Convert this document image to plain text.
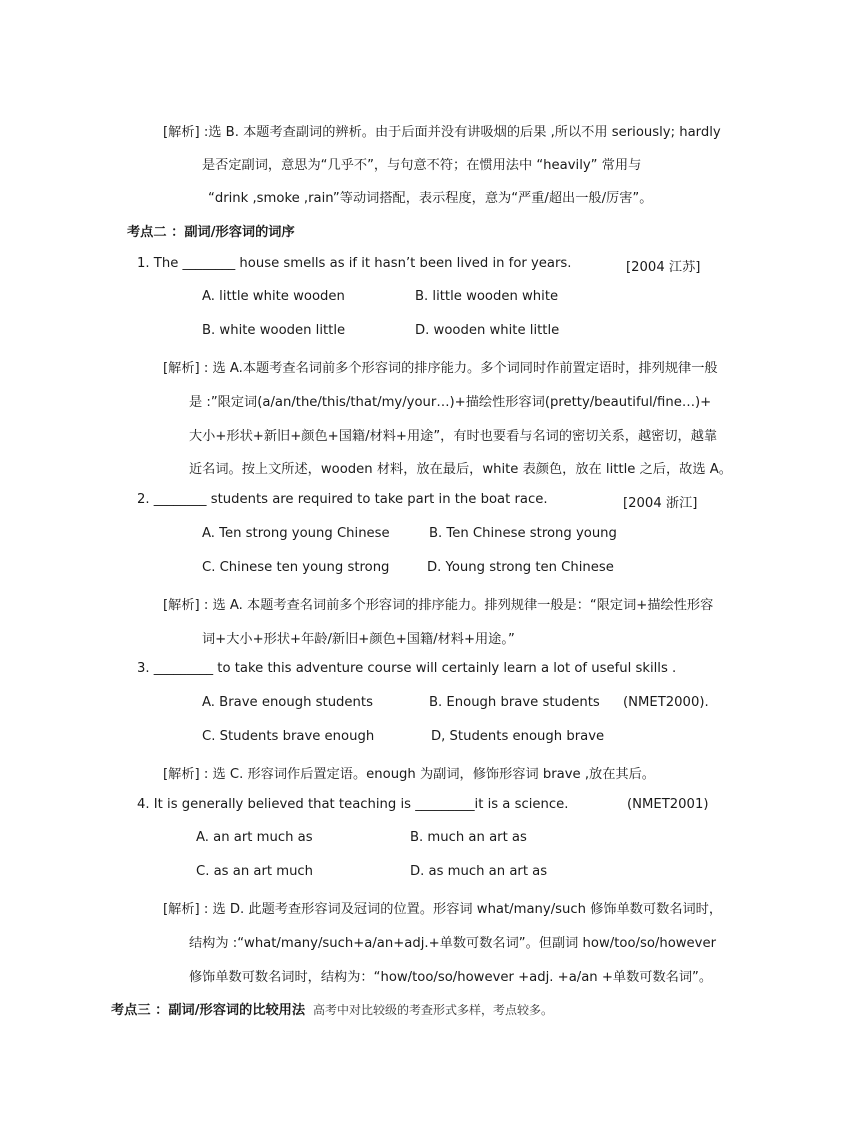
[解析] :选 B. 本题考查副词的辨析。由于后面并没有讲吸烟的后果 ,所以不用 seriously; hardly
是否定副词，意思为“几乎不”，与句意不符；在惯用法中 “heavily” 常用与
“drink ,smoke ,rain”等动词搭配，表示程度，意为“严重/超出一般/厉害”。
考点二 ：副词/形容词的词序
1. The ________ house smells as if it hasn’t been lived in for years.	[2004 江苏]
A. little white wooden	B. little wooden white
B. white wooden little	D. wooden white little
[解析] : 选 A.本题考查名词前多个形容词的排序能力。多个词同时作前置定语时，排列规律一般
是 :”限定词(a/an/the/this/that/my/your…)+描绘性形容词(pretty/beautiful/fine…)+
大小+形状+新旧+颜色+国籍/材料+用途”，有时也要看与名词的密切关系，越密切，越靠
近名词。按上文所述，wooden 材料，放在最后，white 表颜色，放在 little 之后，故选 A。
2. ________ students are required to take part in the boat race.	[2004 浙江]
A. Ten strong young Chinese	B. Ten Chinese strong young
C. Chinese ten young strong	D. Young strong ten Chinese
[解析] : 选 A. 本题考查名词前多个形容词的排序能力。排列规律一般是：“限定词+描绘性形容
词+大小+形状+年龄/新旧+颜色+国籍/材料+用途。”
3. _________ to take this adventure course will certainly learn a lot of useful skills .
A. Brave enough students	B. Enough brave students (NMET2000).
C. Students brave enough	D, Students enough brave
[解析] : 选 C. 形容词作后置定语。enough 为副词，修饰形容词 brave ,放在其后。
4. It is generally believed that teaching is _________it is a science.	(NMET2001)
A. an art much as	B. much an art as
C. as an art much	D. as much an art as
[解析] : 选 D. 此题考查形容词及冠词的位置。形容词 what/many/such 修饰单数可数名词时，
结构为 :“what/many/such+a/an+adj.+单数可数名词”。但副词 how/too/so/however
修饰单数可数名词时，结构为：“how/too/so/however +adj. +a/an +单数可数名词”。
考点三 ：副词/形容词的比较用法 高考中对比较级的考查形式多样，考点较多。
